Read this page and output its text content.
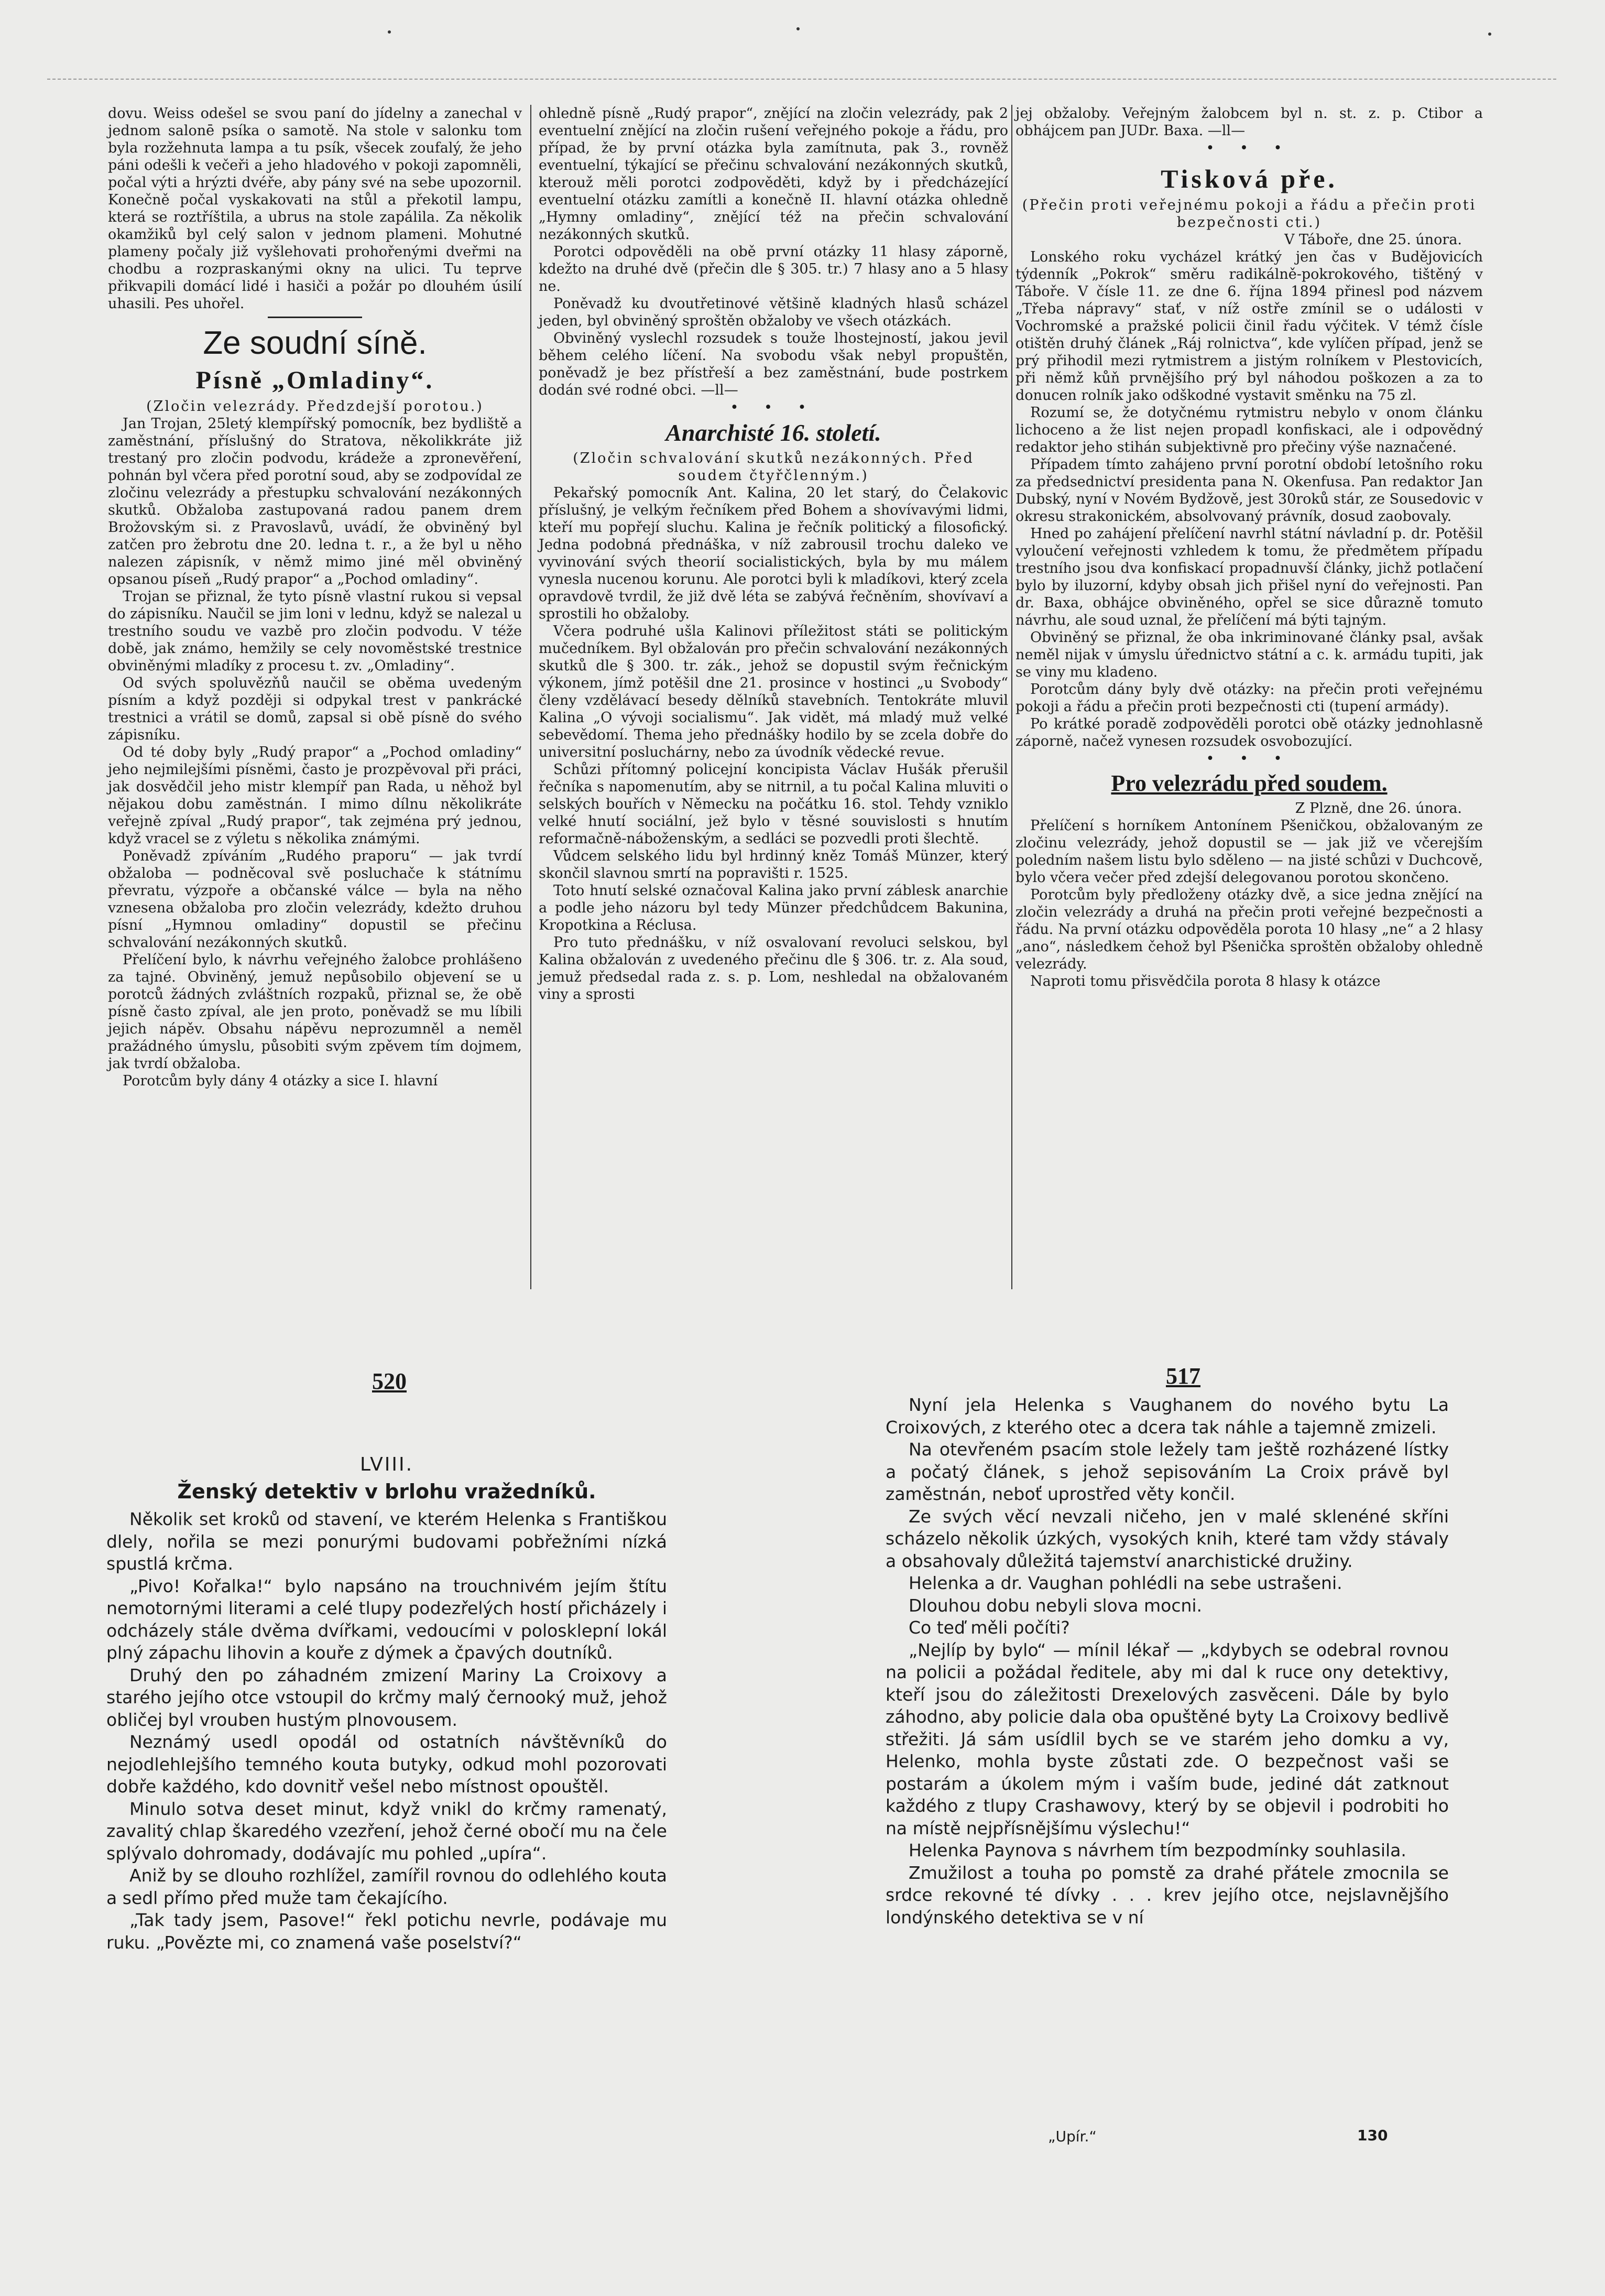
dovu. Weiss odešel se svou paní do jídelny a zanechal v jednom salonē psíka o samotě. Na stole v salonku tom byla rozžehnuta lampa a tu psík, všecek zoufalý, že jeho páni odešli k večeři a jeho hladového v pokoji zapomněli, počal výti a hrýzti dvéře, aby pány své na sebe upozornil. Konečně počal vyskakovati na stůl a překotil lampu, která se roztříštila, a ubrus na stole zapálila. Za několik okamžiků byl celý salon v jednom plameni. Mohutné plameny počaly již vyšlehovati prohořenými dveřmi na chodbu a rozpraskanými okny na ulici. Tu teprve přikvapili domácí lidé i hasiči a požár po dlouhém úsilí uhasili. Pes uhořel.

Ze soudní síně.
Písně „Omladiny“.
(Zločin velezrády. Předzdejší porotou.)

Jan Trojan, 25letý klempířský pomocník, bez bydliště a zaměstnání, příslušný do Stratova, několikkráte již trestaný pro zločin podvodu, krádeže a zpronevěření, pohnán byl včera před porotní soud, aby se zodpovídal ze zločinu velezrády a přestupku schvalování nezákonných skutků. Obžaloba zastupovaná radou panem drem Brožovským si. z Pravoslavů, uvádí, že obviněný byl zatčen pro žebrotu dne 20. ledna t. r., a že byl u něho nalezen zápisník, v němž mimo jiné měl obviněný opsanou píseň „Rudý prapor“ a „Pochod omladiny“.

Trojan se přiznal, že tyto písně vlastní rukou si vepsal do zápisníku. Naučil se jim loni v lednu, když se nalezal u trestního soudu ve vazbě pro zločin podvodu. V téže době, jak známo, hemžily se cely novoměstské trestnice obviněnými mladíky z procesu t. zv. „Omladiny“.

Od svých spoluvězňů naučil se oběma uvedeným písním a když později si odpykal trest v pankrácké trestnici a vrátil se domů, zapsal si obě písně do svého zápisníku.

Od té doby byly „Rudý prapor“ a „Pochod omladiny“ jeho nejmilejšími písněmi, často je prozpěvoval při práci, jak dosvědčil jeho mistr klempíř pan Rada, u něhož byl nějakou dobu zaměstnán. I mimo dílnu několikráte veřejně zpíval „Rudý prapor“, tak zejména prý jednou, když vracel se z výletu s několika známými.

Poněvadž zpíváním „Rudého praporu“ — jak tvrdí obžaloba — podněcoval svě posluchače k státnímu převratu, výzpoře a občanské válce — byla na něho vznesena obžaloba pro zločin velezrády, kdežto druhou písní „Hymnou omladiny“ dopustil se přečinu schvalování nezákonných skutků.

Přelíčení bylo, k návrhu veřejného žalobce prohlášeno za tajné. Obviněný, jemuž nepůsobilo objevení se u porotců žádných zvláštních rozpaků, přiznal se, že obě písně často zpíval, ale jen proto, poněvadž se mu líbili jejich nápěv. Obsahu nápěvu neprozumněl a neměl pražádného úmyslu, působiti svým zpěvem tím dojmem, jak tvrdí obžaloba.

Porotcům byly dány 4 otázky a sice I. hlavní

ohledně písně „Rudý prapor“, znějící na zločin velezrády, pak 2 eventuelní znějící na zločin rušení veřejného pokoje a řádu, pro případ, že by první otázka byla zamítnuta, pak 3., rovněž eventuelní, týkající se přečinu schvalování nezákonných skutků, kterouž měli porotci zodpověděti, když by i předcházející eventuelní otázku zamítli a konečně II. hlavní otázka ohledně „Hymny omladiny“, znějící též na přečin schvalování nezákonných skutků.

Porotci odpověděli na obě první otázky 11 hlasy záporně, kdežto na druhé dvě (přečin dle § 305. tr.) 7 hlasy ano a 5 hlasy ne.

Poněvadž ku dvoutřetinové většině kladných hlasů scházel jeden, byl obviněný sproštěn obžaloby ve všech otázkách.

Obviněný vyslechl rozsudek s touže lhostejností, jakou jevil během celého líčení. Na svobodu však nebyl propuštěn, poněvadž je bez přístřeší a bez zaměstnání, bude postrkem dodán své rodné obci. —ll—

• • •
Anarchisté 16. století.
(Zločin schvalování skutků nezákonných. Před soudem čtyřčlenným.)

Pekařský pomocník Ant. Kalina, 20 let starý, do Čelakovic příslušný, je velkým řečníkem před Bohem a shovívavými lidmi, kteří mu popřejí sluchu. Kalina je řečník politický a filosofický. Jedna podobná přednáška, v níž zabrousil trochu daleko ve vyvinování svých theorií socialistických, byla by mu málem vynesla nucenou korunu. Ale porotci byli k mladíkovi, který zcela opravdově tvrdil, že již dvě léta se zabývá řečněním, shovívaví a sprostili ho obžaloby.

Včera podruhé ušla Kalinovi příležitost státi se politickým mučedníkem. Byl obžalován pro přečin schvalování nezákonných skutků dle § 300. tr. zák., jehož se dopustil svým řečnickým výkonem, jímž potěšil dne 21. prosince v hostinci „u Svobody“ členy vzdělávací besedy dělníků stavebních. Tentokráte mluvil Kalina „O vývoji socialismu“. Jak vidět, má mladý muž velké sebevědomí. Thema jeho přednášky hodilo by se zcela dobře do universitní posluchárny, nebo za úvodník vědecké revue.

Schůzi přítomný policejní koncipista Václav Hušák přerušil řečníka s napomenutím, aby se nitrnil, a tu počal Kalina mluviti o selských bouřích v Německu na počátku 16. stol. Tehdy vzniklo velké hnutí sociální, jež bylo v těsné souvislosti s hnutím reformačně-náboženským, a sedláci se pozvedli proti šlechtě.

Vůdcem selského lidu byl hrdinný kněz Tomáš Münzer, který skončil slavnou smrtí na popravišti r. 1525.

Toto hnutí selské označoval Kalina jako první záblesk anarchie a podle jeho názoru byl tedy Münzer předchůdcem Bakunina, Kropotkina a Réclusa.

Pro tuto přednášku, v níž osvalovaní revoluci selskou, byl Kalina obžalován z uvedeného přečinu dle § 306. tr. z. Ala soud, jemuž předsedal rada z. s. p. Lom, neshledal na obžalovaném viny a sprosti

jej obžaloby. Veřejným žalobcem byl n. st. z. p. Ctibor a obhájcem pan JUDr. Baxa. —ll—

• • •
Tisková pře.
(Přečin proti veřejnému pokoji a řádu a přečin proti bezpečnosti cti.)
V Táboře, dne 25. února.

Lonského roku vycházel krátký jen čas v Budějovicích týdenník „Pokrok“ směru radikálně-pokrokového, tištěný v Táboře. V čísle 11. ze dne 6. října 1894 přinesl pod názvem „Třeba nápravy“ stať, v níž ostře zmínil se o události v Vochromské a pražské policii činil řadu výčitek. V témž čísle otištěn druhý článek „Ráj rolnictva“, kde vylíčen případ, jenž se prý přihodil mezi rytmistrem a jistým rolníkem v Plestovicích, při němž kůň prvnějšího prý byl náhodou poškozen a za to donucen rolník jako odškodné vystavit směnku na 75 zl.

Rozumí se, že dotyčnému rytmistru nebylo v onom článku lichoceno a že list nejen propadl konfiskaci, ale i odpovědný redaktor jeho stihán subjektivně pro přečiny výše naznačené.

Případem tímto zahájeno první porotní období letošního roku za předsednictví presidenta pana N. Okenfusa. Pan redaktor Jan Dubský, nyní v Novém Bydžově, jest 30roků stár, ze Sousedovic v okresu strakonickém, absolvovaný právník, dosud zaobovaly.

Hned po zahájení přelíčení navrhl státní návladní p. dr. Potěšil vyloučení veřejnosti vzhledem k tomu, že předmětem případu trestního jsou dva konfiskací propadnuvší články, jichž potlačení bylo by iluzorní, kdyby obsah jich přišel nyní do veřejnosti. Pan dr. Baxa, obhájce obviněného, opřel se sice důrazně tomuto návrhu, ale soud uznal, že přelíčení má býti tajným.

Obviněný se přiznal, že oba inkriminované články psal, avšak neměl nijak v úmyslu úřednictvo státní a c. k. armádu tupiti, jak se viny mu kladeno.

Porotcům dány byly dvě otázky: na přečin proti veřejnému pokoji a řádu a přečin proti bezpečnosti cti (tupení armády).

Po krátké poradě zodpověděli porotci obě otázky jednohlasně záporně, načež vynesen rozsudek osvobozující.

• • •
Pro velezrádu před soudem.
Z Plzně, dne 26. února.

Přelíčení s horníkem Antonínem Pšeničkou, obžalovaným ze zločinu velezrády, jehož dopustil se — jak již ve včerejším poledním našem listu bylo sděleno — na jisté schůzi v Duchcově, bylo včera večer před zdejší delegovanou porotou skončeno.

Porotcům byly předloženy otázky dvě, a sice jedna znějící na zločin velezrády a druhá na přečin proti veřejné bezpečnosti a řádu. Na první otázku odpověděla porota 10 hlasy „ne“ a 2 hlasy „ano“, následkem čehož byl Pšenička sproštěn obžaloby ohledně velezrády.

Naproti tomu přisvědčila porota 8 hlasy k otázce

520
LVIII.
Ženský detektiv v brlohu vražedníků.

Několik set kroků od stavení, ve kterém Helenka s Františkou dlely, nořila se mezi ponurými budovami pobřežními nízká spustlá krčma.

„Pivo! Kořalka!“ bylo napsáno na trouchnivém jejím štítu nemotornými literami a celé tlupy podezřelých hostí přicházely i odcházely stále dvěma dvířkami, vedoucími v polosklepní lokál plný zápachu lihovin a kouře z dýmek a čpavých doutníků.

Druhý den po záhadném zmizení Mariny La Croixovy a starého jejího otce vstoupil do krčmy malý černooký muž, jehož obličej byl vrouben hustým plnovousem.

Neznámý usedl opodál od ostatních návštěvníků do nejodlehlejšího temného kouta butyky, odkud mohl pozorovati dobře každého, kdo dovnitř vešel nebo místnost opouštěl.

Minulo sotva deset minut, když vnikl do krčmy ramenatý, zavalitý chlap škaredého vzezření, jehož černé obočí mu na čele splývalo dohromady, dodávajíc mu pohled „upíra“.

Aniž by se dlouho rozhlížel, zamířil rovnou do odlehlého kouta a sedl přímo před muže tam čekajícího.

„Tak tady jsem, Pasove!“ řekl potichu nevrle, podávaje mu ruku. „Povězte mi, co znamená vaše poselství?“

517

Nyní jela Helenka s Vaughanem do nového bytu La Croixových, z kterého otec a dcera tak náhle a tajemně zmizeli.

Na otevřeném psacím stole ležely tam ještě rozházené lístky a počatý článek, s jehož sepisováním La Croix právě byl zaměstnán, neboť uprostřed věty končil.

Ze svých věcí nevzali ničeho, jen v malé sklenéné skříni scházelo několik úzkých, vysokých knih, které tam vždy stávaly a obsahovaly důležitá tajemství anarchistické družiny.

Helenka a dr. Vaughan pohlédli na sebe ustrašeni.

Dlouhou dobu nebyli slova mocni.

Co teď měli počíti?

„Nejlíp by bylo“ — mínil lékař — „kdybych se odebral rovnou na policii a požádal ředitele, aby mi dal k ruce ony detektivy, kteří jsou do záležitosti Drexelových zasvěceni. Dále by bylo záhodno, aby policie dala oba opuštěné byty La Croixovy bedlivě střežiti. Já sám usídlil bych se ve starém jeho domku a vy, Helenko, mohla byste zůstati zde. O bezpečnost vaši se postarám a úkolem mým i vaším bude, jediné dát zatknout každého z tlupy Crashawovy, který by se objevil i podrobiti ho na místě nejpřísnějšímu výslechu!“

Helenka Paynova s návrhem tím bezpodmínky souhlasila.

Zmužilost a touha po pomstě za drahé přátele zmocnila se srdce rekovné té dívky . . . krev jejího otce, nejslavnějšího londýnského detektiva se v ní

„Upír.“	130
